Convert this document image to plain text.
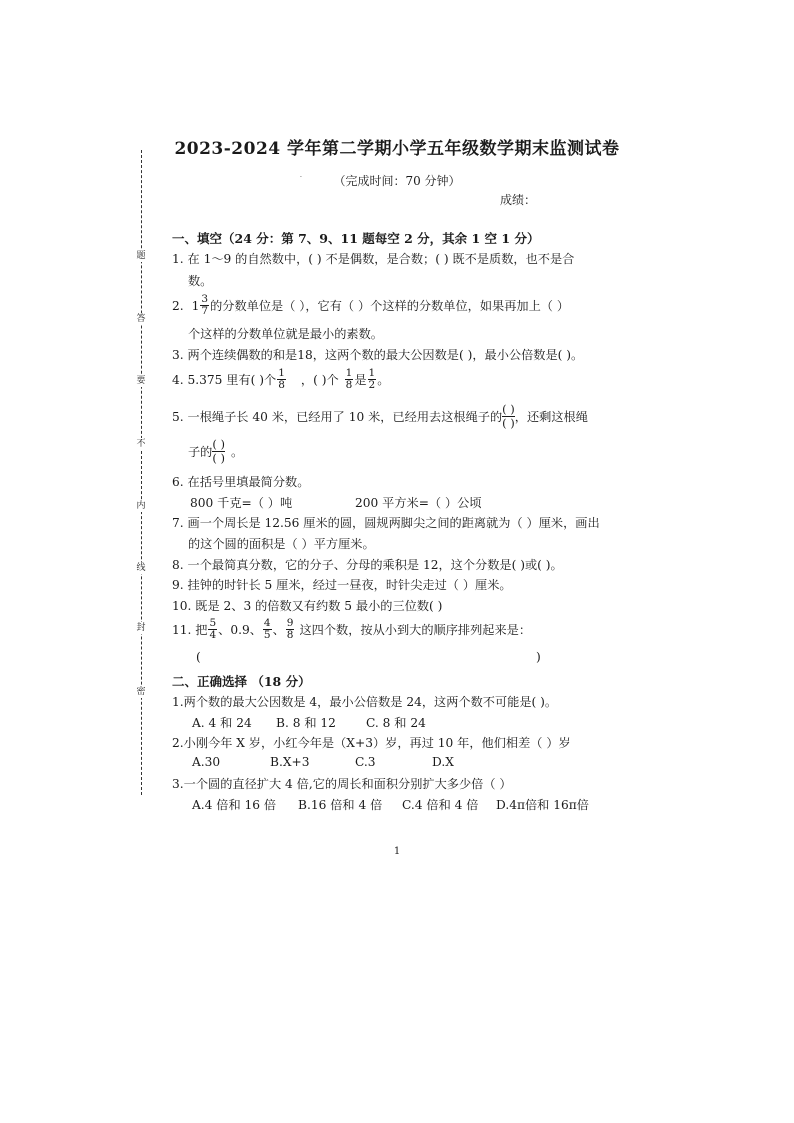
2023-2024 学年第二学期小学五年级数学期末监测试卷
·	（完成时间：70 分钟）
成绩：
题
答
要
不
内
线
封
密
一、填空（24 分：第 7、9、11 题每空 2 分，其余 1 空 1 分）
1. 在 1～9 的自然数中，( ) 不是偶数，是合数；( ) 既不是质数，也不是合
数。
2. $1 \frac{3}{7}$ 的分数单位是（ ），它有（ ）个这样的分数单位，如果再加上（ ）
个这样的分数单位就是最小的素数。
3. 两个连续偶数的和是18，这两个数的最大公因数是( )，最小公倍数是( )。
4. 5.375 里有( )个 $\frac{1}{8}$ ，( )个 $\frac{1}{8}$ 是 $\frac{1}{2}$ 。
5. 一根绳子长 40 米，已经用了 10 米，已经用去这根绳子的
( )
( ) ，还剩这根绳
子的
( )
( ) 。
6. 在括号里填最简分数。
800 千克=（ ）吨	200 平方米=（ ）公顷
7. 画一个周长是 12.56 厘米的圆，圆规两脚尖之间的距离就为（ ）厘米，画出
的这个圆的面积是（ ）平方厘米。
8. 一个最简真分数，它的分子、分母的乘积是 12，这个分数是( )或( )。
9. 挂钟的时针长 5 厘米，经过一昼夜，时针尖走过（ ）厘米。
10. 既是 2、3 的倍数又有约数 5 最小的三位数( )
11. 把 $\frac{5}{4}$ 、0.9、 $\frac{4}{5}$ 、 $\frac{9}{8}$ 这四个数，按从小到大的顺序排列起来是：
(	)
二、正确选择 （18 分）
1.两个数的最大公因数是 4，最小公倍数是 24，这两个数不可能是( )。
A. 4 和 24 B. 8 和 12 C. 8 和 24
2.小刚今年 X 岁，小红今年是（X+3）岁，再过 10 年，他们相差（ ）岁
A.30	B.X+3	C.3	D.X
3.一个圆的直径扩大 4 倍,它的周长和面积分别扩大多少倍（ ）
A.4 倍和 16 倍 B.16 倍和 4 倍 C.4 倍和 4 倍 D.4π倍和 16π倍
1
